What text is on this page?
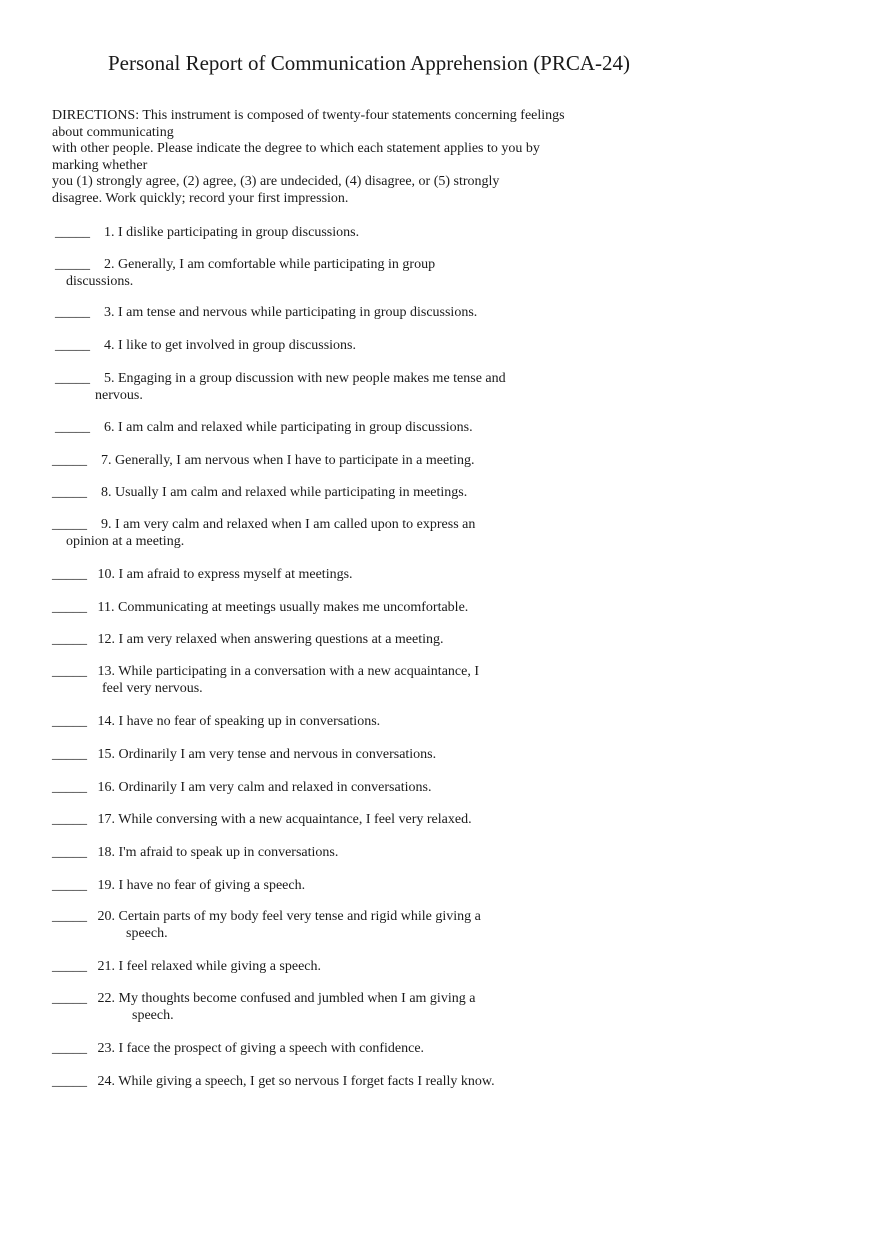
Personal Report of Communication Apprehension (PRCA-24)
DIRECTIONS: This instrument is composed of twenty-four statements concerning feelings
about communicating
with other people. Please indicate the degree to which each statement applies to you by
marking whether
you (1) strongly agree, (2) agree, (3) are undecided, (4) disagree, or (5) strongly
disagree. Work quickly; record your first impression.
_____    1. I dislike participating in group discussions.
_____    2. Generally, I am comfortable while participating in group
discussions.
_____    3. I am tense and nervous while participating in group discussions.
_____    4. I like to get involved in group discussions.
_____    5. Engaging in a group discussion with new people makes me tense and
nervous.
_____    6. I am calm and relaxed while participating in group discussions.
_____    7. Generally, I am nervous when I have to participate in a meeting.
_____    8. Usually I am calm and relaxed while participating in meetings.
_____    9. I am very calm and relaxed when I am called upon to express an
opinion at a meeting.
_____   10. I am afraid to express myself at meetings.
_____   11. Communicating at meetings usually makes me uncomfortable.
_____   12. I am very relaxed when answering questions at a meeting.
_____   13. While participating in a conversation with a new acquaintance, I
feel very nervous.
_____   14. I have no fear of speaking up in conversations.
_____   15. Ordinarily I am very tense and nervous in conversations.
_____   16. Ordinarily I am very calm and relaxed in conversations.
_____   17. While conversing with a new acquaintance, I feel very relaxed.
_____   18. I'm afraid to speak up in conversations.
_____   19. I have no fear of giving a speech.
_____   20. Certain parts of my body feel very tense and rigid while giving a
speech.
_____   21. I feel relaxed while giving a speech.
_____   22. My thoughts become confused and jumbled when I am giving a
speech.
_____   23. I face the prospect of giving a speech with confidence.
_____   24. While giving a speech, I get so nervous I forget facts I really know.
